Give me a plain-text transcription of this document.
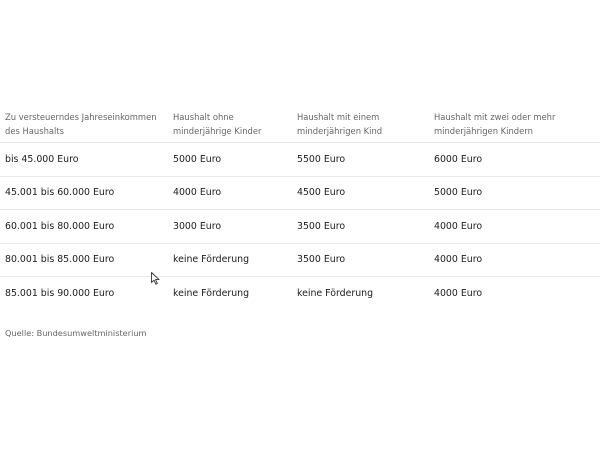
Zu versteuerndes Jahreseinkommen des Haushalts	Haushalt ohne minderjährige Kinder	Haushalt mit einem minderjährigen Kind	Haushalt mit zwei oder mehr minderjährigen Kindern
bis 45.000 Euro	5000 Euro	5500 Euro	6000 Euro
45.001 bis 60.000 Euro	4000 Euro	4500 Euro	5000 Euro
60.001 bis 80.000 Euro	3000 Euro	3500 Euro	4000 Euro
80.001 bis 85.000 Euro	keine Förderung	3500 Euro	4000 Euro
85.001 bis 90.000 Euro	keine Förderung	keine Förderung	4000 Euro
Quelle: Bundesumweltministerium
